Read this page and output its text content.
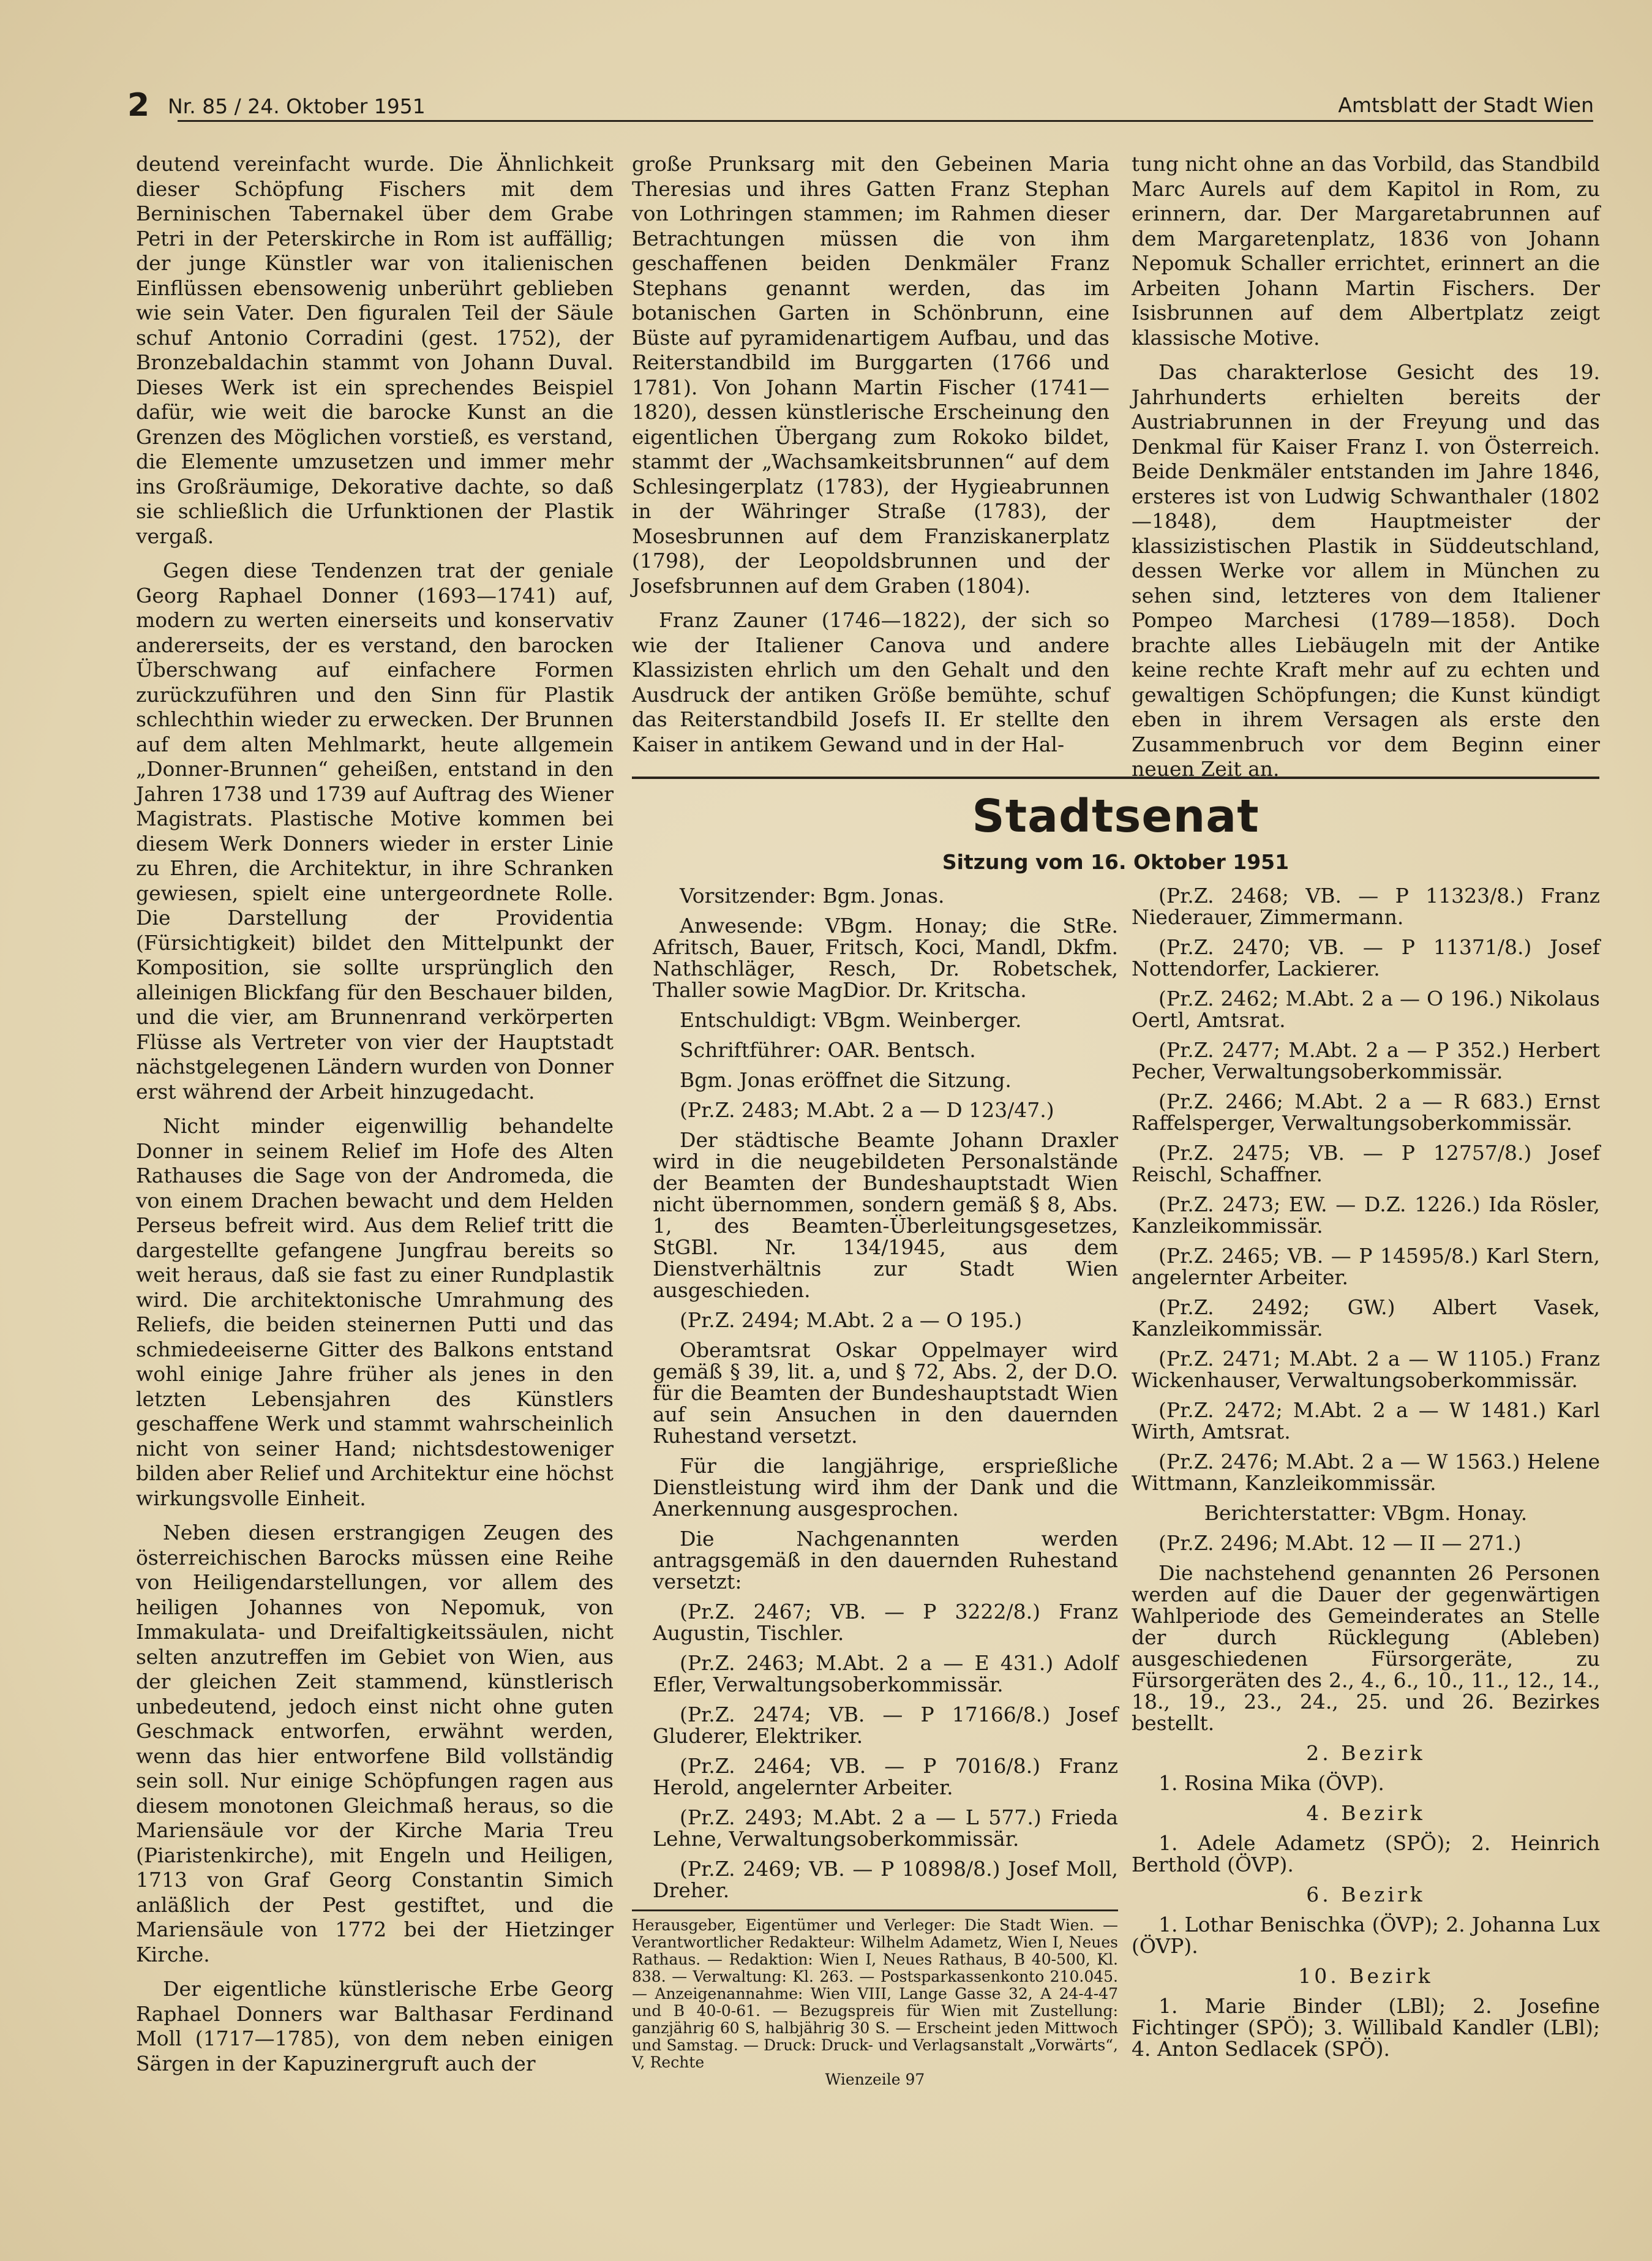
2 Nr. 85 / 24. Oktober 1951	Amtsblatt der Stadt Wien

deutend vereinfacht wurde. Die Ähnlichkeit dieser Schöpfung Fischers mit dem Berninischen Tabernakel über dem Grabe Petri in der Peterskirche in Rom ist auffällig; der junge Künstler war von italienischen Einflüssen ebensowenig unberührt geblieben wie sein Vater. Den figuralen Teil der Säule schuf Antonio Corradini (gest. 1752), der Bronzebaldachin stammt von Johann Duval. Dieses Werk ist ein sprechendes Beispiel dafür, wie weit die barocke Kunst an die Grenzen des Möglichen vorstieß, es verstand, die Elemente umzusetzen und immer mehr ins Großräumige, Dekorative dachte, so daß sie schließlich die Urfunktionen der Plastik vergaß.

Gegen diese Tendenzen trat der geniale Georg Raphael Donner (1693—1741) auf, modern zu werten einerseits und konservativ andererseits, der es verstand, den barocken Überschwang auf einfachere Formen zurückzuführen und den Sinn für Plastik schlechthin wieder zu erwecken. Der Brunnen auf dem alten Mehlmarkt, heute allgemein „Donner-Brunnen“ geheißen, entstand in den Jahren 1738 und 1739 auf Auftrag des Wiener Magistrats. Plastische Motive kommen bei diesem Werk Donners wieder in erster Linie zu Ehren, die Architektur, in ihre Schranken gewiesen, spielt eine untergeordnete Rolle. Die Darstellung der Providentia (Fürsichtigkeit) bildet den Mittelpunkt der Komposition, sie sollte ursprünglich den alleinigen Blickfang für den Beschauer bilden, und die vier, am Brunnenrand verkörperten Flüsse als Vertreter von vier der Hauptstadt nächstgelegenen Ländern wurden von Donner erst während der Arbeit hinzugedacht.

Nicht minder eigenwillig behandelte Donner in seinem Relief im Hofe des Alten Rathauses die Sage von der Andromeda, die von einem Drachen bewacht und dem Helden Perseus befreit wird. Aus dem Relief tritt die dargestellte gefangene Jungfrau bereits so weit heraus, daß sie fast zu einer Rundplastik wird. Die architektonische Umrahmung des Reliefs, die beiden steinernen Putti und das schmiedeeiserne Gitter des Balkons entstand wohl einige Jahre früher als jenes in den letzten Lebensjahren des Künstlers geschaffene Werk und stammt wahrscheinlich nicht von seiner Hand; nichtsdestoweniger bilden aber Relief und Architektur eine höchst wirkungsvolle Einheit.

Neben diesen erstrangigen Zeugen des österreichischen Barocks müssen eine Reihe von Heiligendarstellungen, vor allem des heiligen Johannes von Nepomuk, von Immakulata- und Dreifaltigkeitssäulen, nicht selten anzutreffen im Gebiet von Wien, aus der gleichen Zeit stammend, künstlerisch unbedeutend, jedoch einst nicht ohne guten Geschmack entworfen, erwähnt werden, wenn das hier entworfene Bild vollständig sein soll. Nur einige Schöpfungen ragen aus diesem monotonen Gleichmaß heraus, so die Mariensäule vor der Kirche Maria Treu (Piaristenkirche), mit Engeln und Heiligen, 1713 von Graf Georg Constantin Simich anläßlich der Pest gestiftet, und die Mariensäule von 1772 bei der Hietzinger Kirche.

Der eigentliche künstlerische Erbe Georg Raphael Donners war Balthasar Ferdinand Moll (1717—1785), von dem neben einigen Särgen in der Kapuzinergruft auch der

große Prunksarg mit den Gebeinen Maria Theresias und ihres Gatten Franz Stephan von Lothringen stammen; im Rahmen dieser Betrachtungen müssen die von ihm geschaffenen beiden Denkmäler Franz Stephans genannt werden, das im botanischen Garten in Schönbrunn, eine Büste auf pyramidenartigem Aufbau, und das Reiterstandbild im Burggarten (1766 und 1781). Von Johann Martin Fischer (1741—1820), dessen künstlerische Erscheinung den eigentlichen Übergang zum Rokoko bildet, stammt der „Wachsamkeitsbrunnen“ auf dem Schlesingerplatz (1783), der Hygieabrunnen in der Währinger Straße (1783), der Mosesbrunnen auf dem Franziskanerplatz (1798), der Leopoldsbrunnen und der Josefsbrunnen auf dem Graben (1804).

Franz Zauner (1746—1822), der sich so wie der Italiener Canova und andere Klassizisten ehrlich um den Gehalt und den Ausdruck der antiken Größe bemühte, schuf das Reiterstandbild Josefs II. Er stellte den Kaiser in antikem Gewand und in der Hal-

tung nicht ohne an das Vorbild, das Standbild Marc Aurels auf dem Kapitol in Rom, zu erinnern, dar. Der Margaretabrunnen auf dem Margaretenplatz, 1836 von Johann Nepomuk Schaller errichtet, erinnert an die Arbeiten Johann Martin Fischers. Der Isisbrunnen auf dem Albertplatz zeigt klassische Motive.

Das charakterlose Gesicht des 19. Jahrhunderts erhielten bereits der Austriabrunnen in der Freyung und das Denkmal für Kaiser Franz I. von Österreich. Beide Denkmäler entstanden im Jahre 1846, ersteres ist von Ludwig Schwanthaler (1802—1848), dem Hauptmeister der klassizistischen Plastik in Süddeutschland, dessen Werke vor allem in München zu sehen sind, letzteres von dem Italiener Pompeo Marchesi (1789—1858). Doch brachte alles Liebäugeln mit der Antike keine rechte Kraft mehr auf zu echten und gewaltigen Schöpfungen; die Kunst kündigt eben in ihrem Versagen als erste den Zusammenbruch vor dem Beginn einer neuen Zeit an.

Stadtsenat
Sitzung vom 16. Oktober 1951

Vorsitzender: Bgm. Jonas.

Anwesende: VBgm. Honay; die StRe. Afritsch, Bauer, Fritsch, Koci, Mandl, Dkfm. Nathschläger, Resch, Dr. Robetschek, Thaller sowie MagDior. Dr. Kritscha.

Entschuldigt: VBgm. Weinberger.

Schriftführer: OAR. Bentsch.

Bgm. Jonas eröffnet die Sitzung.

(Pr.Z. 2483; M.Abt. 2 a — D 123/47.)

Der städtische Beamte Johann Draxler wird in die neugebildeten Personalstände der Beamten der Bundeshauptstadt Wien nicht übernommen, sondern gemäß § 8, Abs. 1, des Beamten-Überleitungsgesetzes, StGBl. Nr. 134/1945, aus dem Dienstverhältnis zur Stadt Wien ausgeschieden.

(Pr.Z. 2494; M.Abt. 2 a — O 195.)

Oberamtsrat Oskar Oppelmayer wird gemäß § 39, lit. a, und § 72, Abs. 2, der D.O. für die Beamten der Bundeshauptstadt Wien auf sein Ansuchen in den dauernden Ruhestand versetzt.

Für die langjährige, ersprießliche Dienstleistung wird ihm der Dank und die Anerkennung ausgesprochen.

Die Nachgenannten werden antragsgemäß in den dauernden Ruhestand versetzt:

(Pr.Z. 2467; VB. — P 3222/8.) Franz Augustin, Tischler.

(Pr.Z. 2463; M.Abt. 2 a — E 431.) Adolf Efler, Verwaltungsoberkommissär.

(Pr.Z. 2474; VB. — P 17166/8.) Josef Gluderer, Elektriker.

(Pr.Z. 2464; VB. — P 7016/8.) Franz Herold, angelernter Arbeiter.

(Pr.Z. 2493; M.Abt. 2 a — L 577.) Frieda Lehne, Verwaltungsoberkommissär.

(Pr.Z. 2469; VB. — P 10898/8.) Josef Moll, Dreher.

(Pr.Z. 2468; VB. — P 11323/8.) Franz Niederauer, Zimmermann.

(Pr.Z. 2470; VB. — P 11371/8.) Josef Nottendorfer, Lackierer.

(Pr.Z. 2462; M.Abt. 2 a — O 196.) Nikolaus Oertl, Amtsrat.

(Pr.Z. 2477; M.Abt. 2 a — P 352.) Herbert Pecher, Verwaltungsoberkommissär.

(Pr.Z. 2466; M.Abt. 2 a — R 683.) Ernst Raffelsperger, Verwaltungsoberkommissär.

(Pr.Z. 2475; VB. — P 12757/8.) Josef Reischl, Schaffner.

(Pr.Z. 2473; EW. — D.Z. 1226.) Ida Rösler, Kanzleikommissär.

(Pr.Z. 2465; VB. — P 14595/8.) Karl Stern, angelernter Arbeiter.

(Pr.Z. 2492; GW.) Albert Vasek, Kanzleikommissär.

(Pr.Z. 2471; M.Abt. 2 a — W 1105.) Franz Wickenhauser, Verwaltungsoberkommissär.

(Pr.Z. 2472; M.Abt. 2 a — W 1481.) Karl Wirth, Amtsrat.

(Pr.Z. 2476; M.Abt. 2 a — W 1563.) Helene Wittmann, Kanzleikommissär.

Berichterstatter: VBgm. Honay.

(Pr.Z. 2496; M.Abt. 12 — II — 271.)

Die nachstehend genannten 26 Personen werden auf die Dauer der gegenwärtigen Wahlperiode des Gemeinderates an Stelle der durch Rücklegung (Ableben) ausgeschiedenen Fürsorgeräte, zu Fürsorgeräten des 2., 4., 6., 10., 11., 12., 14., 18., 19., 23., 24., 25. und 26. Bezirkes bestellt.

2. Bezirk

1. Rosina Mika (ÖVP).

4. Bezirk

1. Adele Adametz (SPÖ); 2. Heinrich Berthold (ÖVP).

6. Bezirk

1. Lothar Benischka (ÖVP); 2. Johanna Lux (ÖVP).

10. Bezirk

1. Marie Binder (LBl); 2. Josefine Fichtinger (SPÖ); 3. Willibald Kandler (LBl); 4. Anton Sedlacek (SPÖ).

Herausgeber, Eigentümer und Verleger: Die Stadt Wien. — Verantwortlicher Redakteur: Wilhelm Adametz, Wien I, Neues Rathaus. — Redaktion: Wien I, Neues Rathaus, B 40-500, Kl. 838. — Verwaltung: Kl. 263. — Postsparkassenkonto 210.045. — Anzeigenannahme: Wien VIII, Lange Gasse 32, A 24-4-47 und B 40-0-61. — Bezugspreis für Wien mit Zustellung: ganzjährig 60 S, halbjährig 30 S. — Erscheint jeden Mittwoch und Samstag. — Druck: Druck- und Verlagsanstalt „Vorwärts“, V, Rechte

Wienzeile 97
